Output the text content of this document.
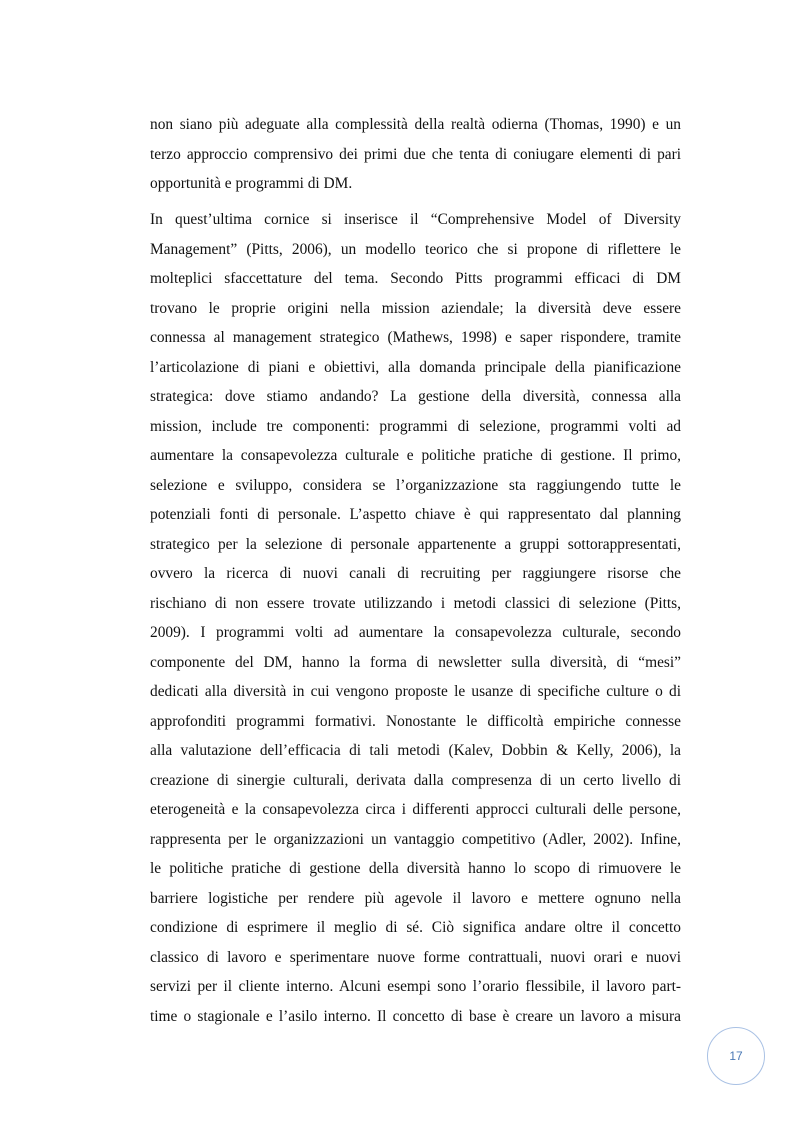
non siano più adeguate alla complessità della realtà odierna (Thomas, 1990) e un
terzo approccio comprensivo dei primi due che tenta di coniugare elementi di pari
opportunità e programmi di DM.
In quest’ultima cornice si inserisce il “Comprehensive Model of Diversity
Management” (Pitts, 2006), un modello teorico che si propone di riflettere le
molteplici sfaccettature del tema. Secondo Pitts programmi efficaci di DM
trovano le proprie origini nella mission aziendale; la diversità deve essere
connessa al management strategico (Mathews, 1998) e saper rispondere, tramite
l’articolazione di piani e obiettivi, alla domanda principale della pianificazione
strategica: dove stiamo andando? La gestione della diversità, connessa alla
mission, include tre componenti: programmi di selezione, programmi volti ad
aumentare la consapevolezza culturale e politiche pratiche di gestione. Il primo,
selezione e sviluppo, considera se l’organizzazione sta raggiungendo tutte le
potenziali fonti di personale. L’aspetto chiave è qui rappresentato dal planning
strategico per la selezione di personale appartenente a gruppi sottorappresentati,
ovvero la ricerca di nuovi canali di recruiting per raggiungere risorse che
rischiano di non essere trovate utilizzando i metodi classici di selezione (Pitts,
2009). I programmi volti ad aumentare la consapevolezza culturale, secondo
componente del DM, hanno la forma di newsletter sulla diversità, di “mesi”
dedicati alla diversità in cui vengono proposte le usanze di specifiche culture o di
approfonditi programmi formativi. Nonostante le difficoltà empiriche connesse
alla valutazione dell’efficacia di tali metodi (Kalev, Dobbin & Kelly, 2006), la
creazione di sinergie culturali, derivata dalla compresenza di un certo livello di
eterogeneità e la consapevolezza circa i differenti approcci culturali delle persone,
rappresenta per le organizzazioni un vantaggio competitivo (Adler, 2002). Infine,
le politiche pratiche di gestione della diversità hanno lo scopo di rimuovere le
barriere logistiche per rendere più agevole il lavoro e mettere ognuno nella
condizione di esprimere il meglio di sé. Ciò significa andare oltre il concetto
classico di lavoro e sperimentare nuove forme contrattuali, nuovi orari e nuovi
servizi per il cliente interno. Alcuni esempi sono l’orario flessibile, il lavoro part-
time o stagionale e l’asilo interno. Il concetto di base è creare un lavoro a misura
17
